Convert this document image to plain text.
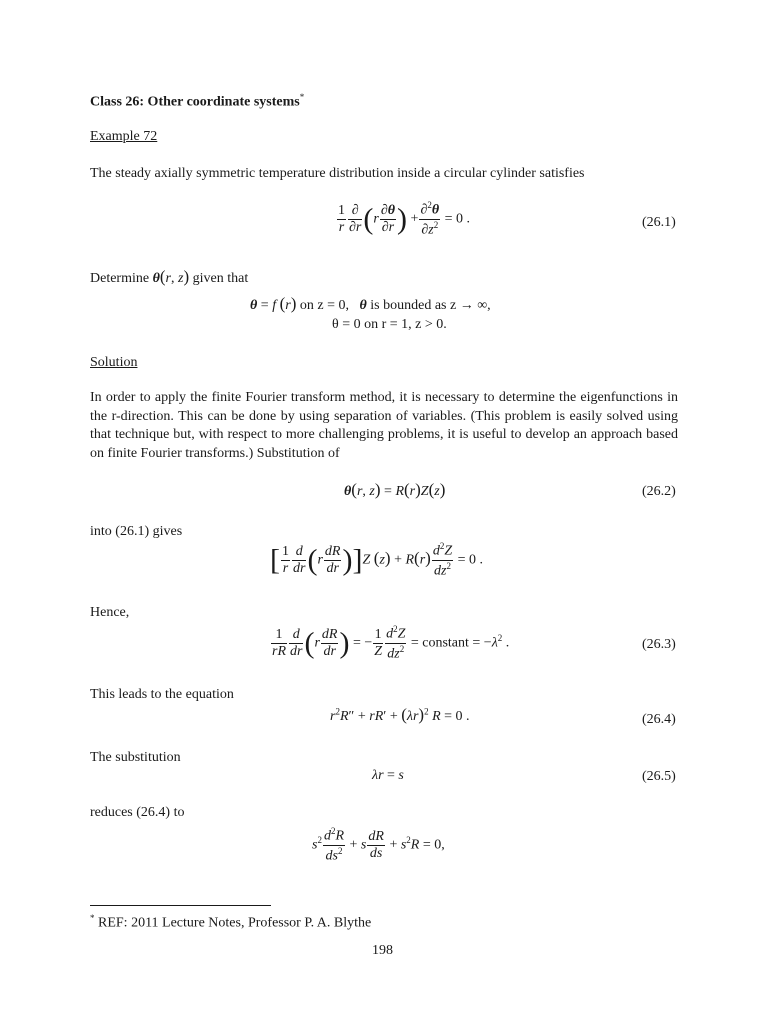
Class 26: Other coordinate systems*
Example 72
The steady axially symmetric temperature distribution inside a circular cylinder satisfies
$\frac{1}{r} \frac{\partial}{\partial r} (r \frac{\partial\theta}{\partial r}$ ) + $\frac{\partial^2\theta}{\partial z^2} = 0$ .	(26.1)
Determine θ(r, z) given that
θ = f (r) on z = 0, θ is bounded as z → ∞,
θ = 0 on r = 1, z > 0.
Solution
In order to apply the finite Fourier transform method, it is necessary to determine the eigenfunctions in the r-direction. This can be done by using separation of variables. (This problem is easily solved using that technique but, with respect to more challenging problems, it is useful to develop an approach based on finite Fourier transforms.) Substitution of
θ(r, z) = R(r)Z(z)	(26.2)
into (26.1) gives
[ $\frac{1}{r} \frac{d}{dr} (r \frac{dR}{dr} )]Z$ $(z) + R(r) \frac{d^2Z}{dz^2} = 0$ .
Hence,
$\frac{1}{rR} \frac{d}{dr} (r \frac{dR}{dr}$ ) = − $\frac{1}{Z} \frac{d^2Z}{dz^2}$ = constant = $-\lambda^2$ .	(26.3)
This leads to the equation
$r^2R'' + rR' + (\lambda r)^2$ R = 0 .	(26.4)
The substitution
λr = s	(26.5)
reduces (26.4) to
$s^2 \frac{d^2R}{ds^2} + s \frac{dR}{ds} + s^2R = 0$,
* REF: 2011 Lecture Notes, Professor P. A. Blythe
198
